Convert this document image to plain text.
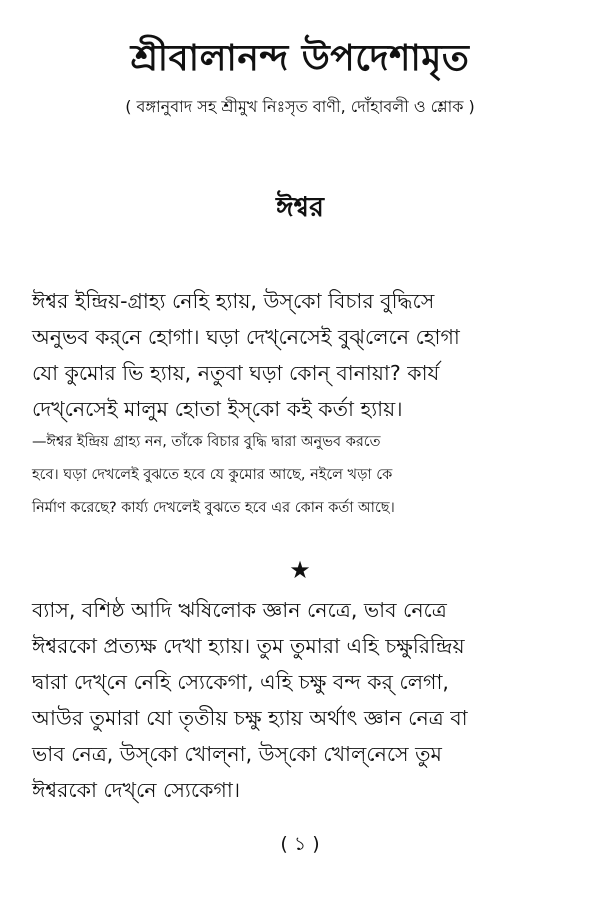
শ্রীবালানন্দ উপদেশামৃত
( বঙ্গানুবাদ সহ শ্রীমুখ নিঃসৃত বাণী, দোঁহাবলী ও শ্লোক )
ঈশ্বর

ঈশ্বর ইন্দ্রিয়-গ্রাহ্য নেহি হ্যায়, উস্‌কো বিচার বুদ্ধিসে
অনুভব কর্‌নে হোগা। ঘড়া দেখ্‌নেসেই বুঝ্‌লেনে হোগা
যো কুমোর ভি হ্যায়, নতুবা ঘড়া কোন্ বানায়া? কার্য
দেখ্‌নেসেই মালুম হোতা ইস্‌কো কই কর্তা হ্যায়।

—ঈশ্বর ইন্দ্রিয় গ্রাহ্য নন, তাঁকে বিচার বুদ্ধি দ্বারা অনুভব করতে
হবে। ঘড়া দেখলেই বুঝতে হবে যে কুমোর আছে, নইলে খড়া কে
নির্মাণ করেছে? কার্য্য দেখলেই বুঝতে হবে এর কোন কর্তা আছে।

★

ব্যাস, বশিষ্ঠ আদি ঋষিলোক জ্ঞান নেত্রে, ভাব নেত্রে
ঈশ্বরকো প্রত্যক্ষ দেখা হ্যায়। তুম তুমারা এহি চক্ষুরিন্দ্রিয়
দ্বারা দেখ্‌নে নেহি স্যেকেগা, এহি চক্ষু বন্দ কর্ লেগা,
আউর তুমারা যো তৃতীয় চক্ষু হ্যায় অর্থাৎ জ্ঞান নেত্র বা
ভাব নেত্র, উস্‌কো খোল্‌না, উস্‌কো খোল্‌নেসে তুম
ঈশ্বরকো দেখ্‌নে স্যেকেগা।

( ১ )
